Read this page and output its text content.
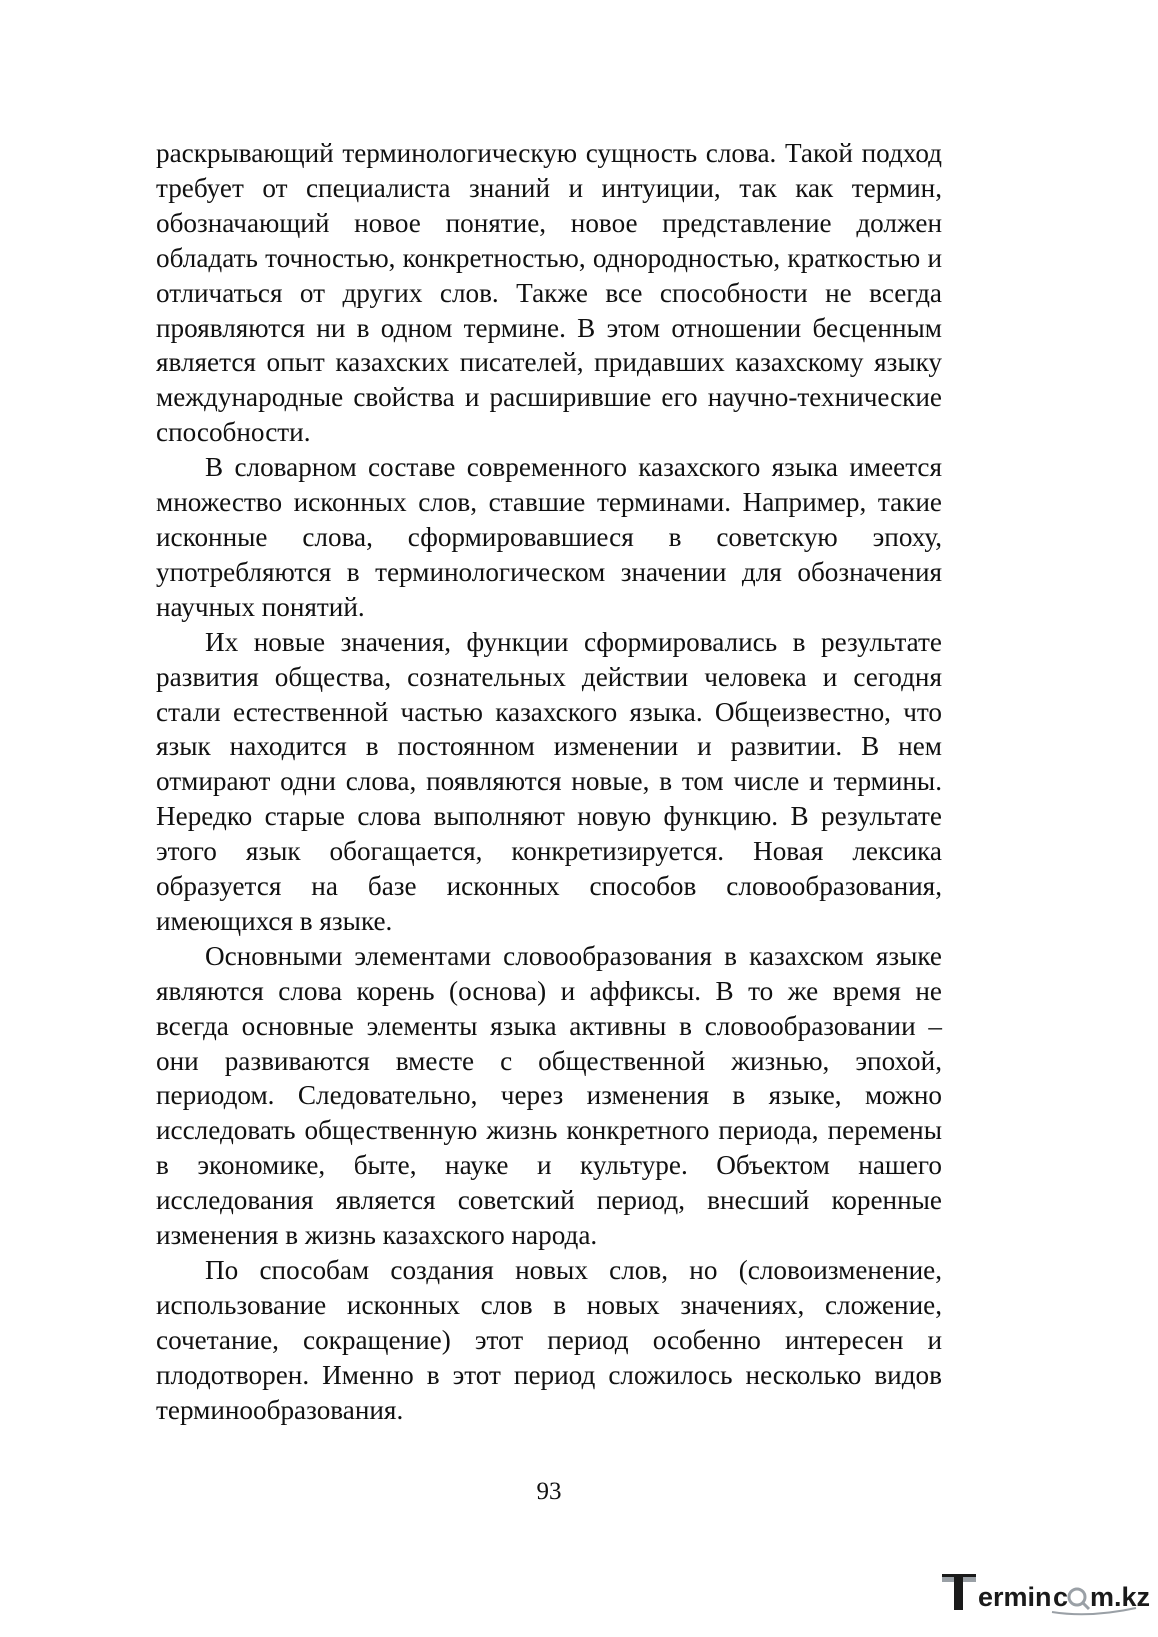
раскрывающий терминологическую сущность слова. Такой подход требует от специалиста знаний и интуиции, так как термин, обозначающий новое понятие, новое представление должен обладать точностью, конкретностью, однородностью, краткостью и отличаться от других слов. Также все способности не всегда проявляются ни в одном термине. В этом отношении бесценным является опыт казахских писателей, придавших казахскому языку международные свойства и расширившие его научно-технические способности.

В словарном составе современного казахского языка имеется множество исконных слов, ставшие терминами. Например, такие исконные слова, сформировавшиеся в советскую эпоху, употребляются в терминологическом значении для обозначения научных понятий.

Их новые значения, функции сформировались в результате развития общества, сознательных действии человека и сегодня стали естественной частью казахского языка. Общеизвестно, что язык находится в постоянном изменении и развитии. В нем отмирают одни слова, появляются новые, в том числе и термины. Нередко старые слова выполняют новую функцию. В результате этого язык обогащается, конкретизируется. Новая лексика образуется на базе исконных способов словообразования, имеющихся в языке.

Основными элементами словообразования в казахском языке являются слова корень (основа) и аффиксы. В то же время не всегда основные элементы языка активны в словообразовании – они развиваются вместе с общественной жизнью, эпохой, периодом. Следовательно, через изменения в языке, можно исследовать общественную жизнь конкретного периода, перемены в экономике, быте, науке и культуре. Объектом нашего исследования является советский период, внесший коренные изменения в жизнь казахского народа.

По способам создания новых слов, но (словоизменение, использование исконных слов в новых значениях, сложение, сочетание, сокращение) этот период особенно интересен и плодотворен. Именно в этот период сложилось несколько видов терминообразования.

93
ermin c m.kz
